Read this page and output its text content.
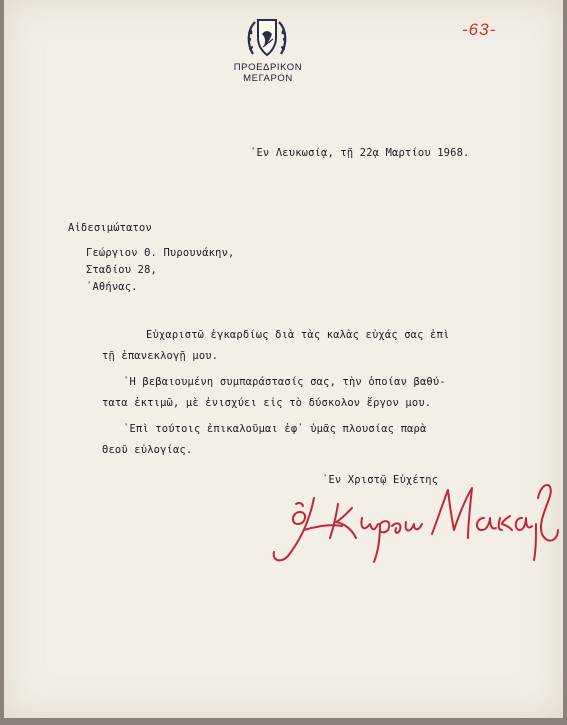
ΠΡΟΕΔΡΙΚΟΝ ΜΕΓΑΡΟΝ
-63-
᾿Εν Λευκωσίᾳ, τῇ 22ᾳ Μαρτίου 1968.
Αἰδεσιμώτατον
Γεώργιον Θ. Πυρουνάκην,
Σταδίου 28,
᾿Αθήνας.
Εὐχαριστῶ ἐγκαρδίως διὰ τὰς καλὰς εὐχάς σας ἐπὶ
τῇ ἐπανεκλογῇ μου.
῾Η βεβαιουμένη συμπαράστασίς σας, τὴν ὁποίαν βαθύ-
τατα ἐκτιμῶ, μὲ ἐνισχύει εἰς τὸ δύσκολον ἔργον μου.
᾿Επὶ τούτοις ἐπικαλοῦμαι ἐφ᾿ ὑμᾶς πλουσίας παρὰ
Θεοῦ εὐλογίας.
᾿Εν Χριστῷ Εὐχέτης
